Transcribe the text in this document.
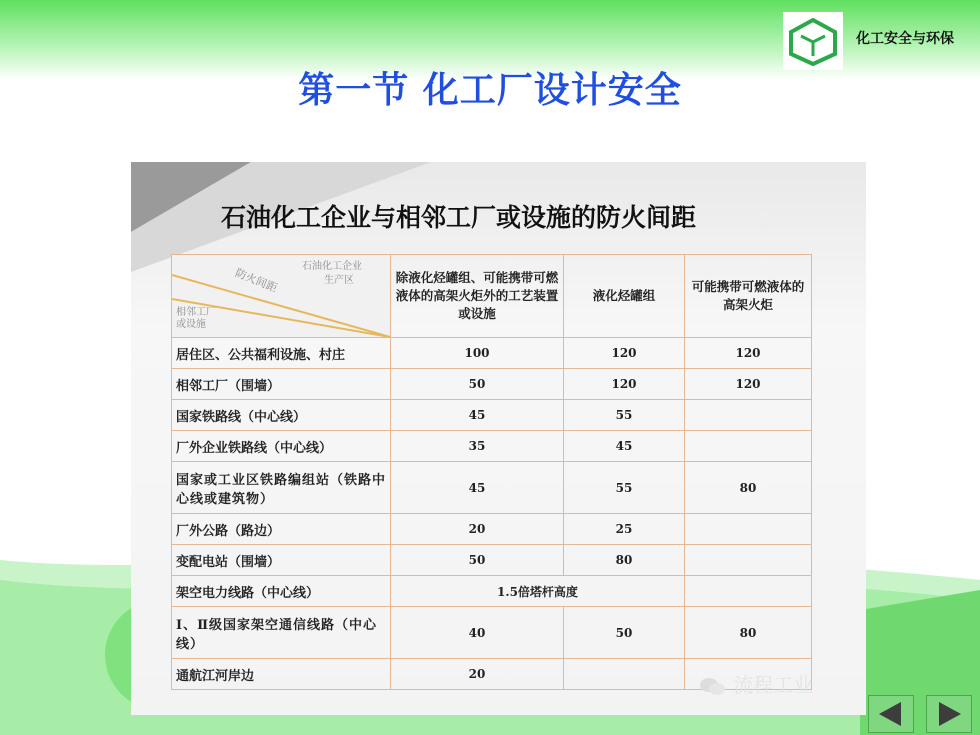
化工安全与环保
第一节 化工厂设计安全
石油化工企业与相邻工厂或设施的防火间距
石油化工企业
生产区
防火间距
相邻工厂
或设施	除液化烃罐组、可能携带可燃液体的高架火炬外的工艺装置或设施	液化烃罐组	可能携带可燃液体的高架火炬
居住区、公共福利设施、村庄	100	120	120
相邻工厂（围墙）	50	120	120
国家铁路线（中心线）	45	55	
厂外企业铁路线（中心线）	35	45	
国家或工业区铁路编组站（铁路中心线或建筑物）	45	55	80
厂外公路（路边）	20	25	
变配电站（围墙）	50	80	
架空电力线路（中心线）	1.5倍塔杆高度		
Ⅰ、Ⅱ级国家架空通信线路（中心线）	40	50	80
通航江河岸边	20			流程工业
